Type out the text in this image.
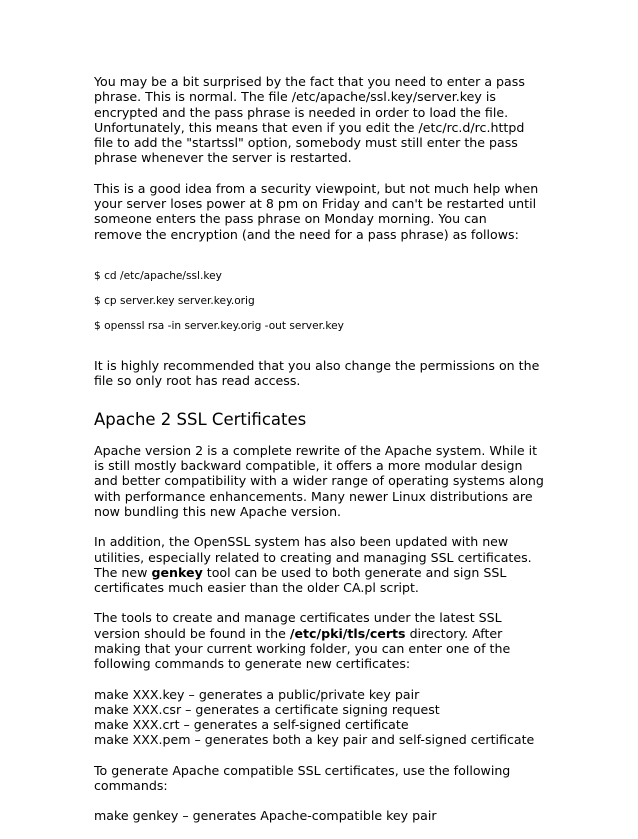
You may be a bit surprised by the fact that you need to enter a pass
phrase. This is normal. The file /etc/apache/ssl.key/server.key is
encrypted and the pass phrase is needed in order to load the file.
Unfortunately, this means that even if you edit the /etc/rc.d/rc.httpd
file to add the "startssl" option, somebody must still enter the pass
phrase whenever the server is restarted.

This is a good idea from a security viewpoint, but not much help when
your server loses power at 8 pm on Friday and can't be restarted until
someone enters the pass phrase on Monday morning. You can
remove the encryption (and the need for a pass phrase) as follows:

$ cd /etc/apache/ssl.key

$ cp server.key server.key.orig

$ openssl rsa -in server.key.orig -out server.key

It is highly recommended that you also change the permissions on the
file so only root has read access.

Apache 2 SSL Certificates

Apache version 2 is a complete rewrite of the Apache system. While it
is still mostly backward compatible, it offers a more modular design
and better compatibility with a wider range of operating systems along
with performance enhancements. Many newer Linux distributions are
now bundling this new Apache version.

In addition, the OpenSSL system has also been updated with new
utilities, especially related to creating and managing SSL certificates.
The new genkey tool can be used to both generate and sign SSL
certificates much easier than the older CA.pl script.

The tools to create and manage certificates under the latest SSL
version should be found in the /etc/pki/tls/certs directory. After
making that your current working folder, you can enter one of the
following commands to generate new certificates:

make XXX.key – generates a public/private key pair
make XXX.csr – generates a certificate signing request
make XXX.crt – generates a self-signed certificate
make XXX.pem – generates both a key pair and self-signed certificate

To generate Apache compatible SSL certificates, use the following
commands:

make genkey – generates Apache-compatible key pair
